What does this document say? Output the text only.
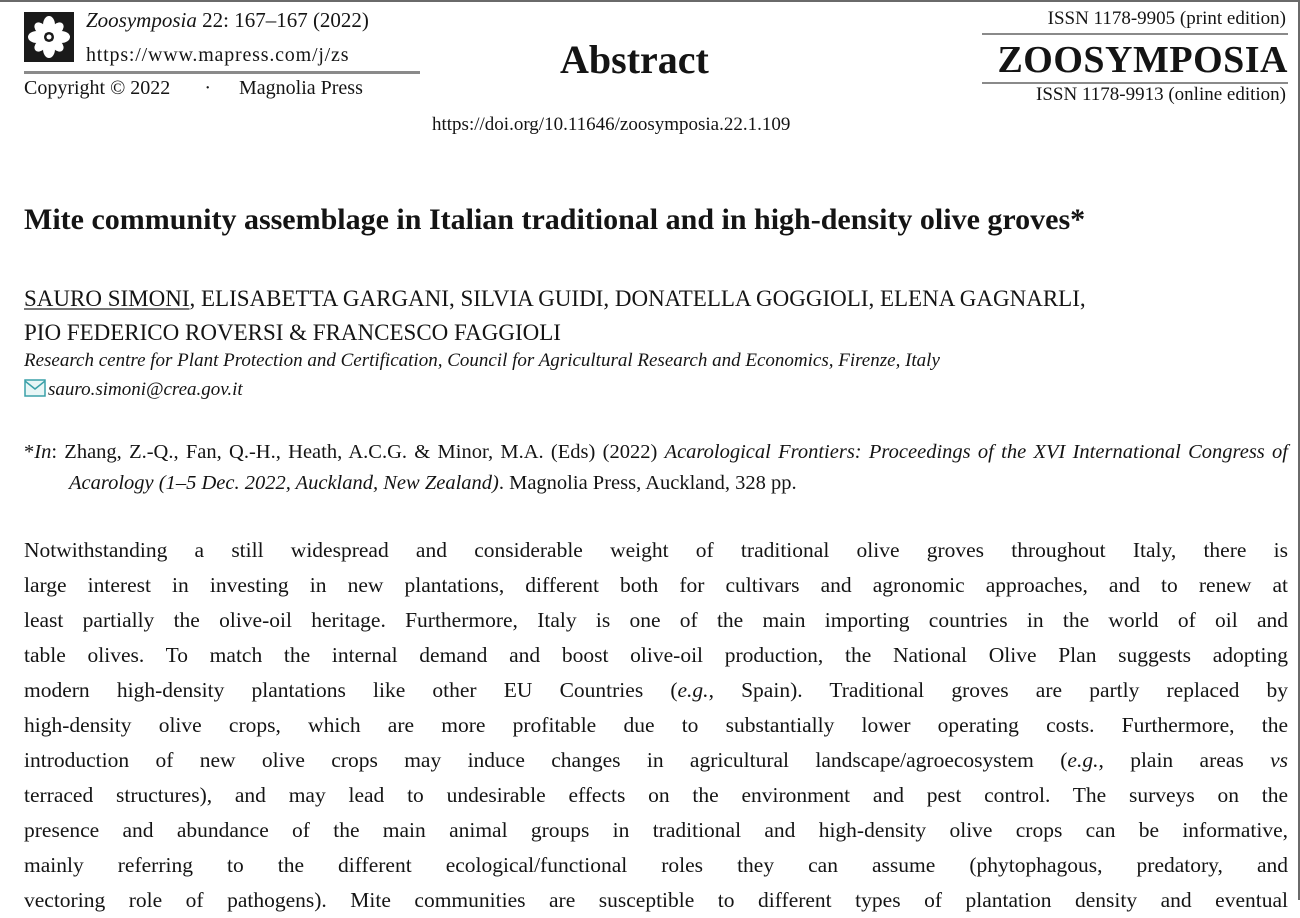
Zoosymposia 22: 167–167 (2022)
https://www.mapress.com/j/zs
Copyright © 2022 · Magnolia Press
Abstract
https://doi.org/10.11646/zoosymposia.22.1.109
ISSN 1178-9905 (print edition)
ZOOSYMPOSIA
ISSN 1178-9913 (online edition)
Mite community assemblage in Italian traditional and in high-density olive groves*
SAURO SIMONI, ELISABETTA GARGANI, SILVIA GUIDI, DONATELLA GOGGIOLI, ELENA GAGNARLI,
PIO FEDERICO ROVERSI & FRANCESCO FAGGIOLI
Research centre for Plant Protection and Certification, Council for Agricultural Research and Economics, Firenze, Italy
sauro.simoni@crea.gov.it
*In: Zhang, Z.-Q., Fan, Q.-H., Heath, A.C.G. & Minor, M.A. (Eds) (2022) Acarological Frontiers: Proceedings of the XVI International Congress of Acarology (1–5 Dec. 2022, Auckland, New Zealand). Magnolia Press, Auckland, 328 pp.
Notwithstanding a still widespread and considerable weight of traditional olive groves throughout Italy, there is
large interest in investing in new plantations, different both for cultivars and agronomic approaches, and to renew at
least partially the olive-oil heritage. Furthermore, Italy is one of the main importing countries in the world of oil and
table olives. To match the internal demand and boost olive-oil production, the National Olive Plan suggests adopting
modern high-density plantations like other EU Countries (e.g., Spain). Traditional groves are partly replaced by
high-density olive crops, which are more profitable due to substantially lower operating costs. Furthermore, the
introduction of new olive crops may induce changes in agricultural landscape/agroecosystem (e.g., plain areas vs
terraced structures), and may lead to undesirable effects on the environment and pest control. The surveys on the
presence and abundance of the main animal groups in traditional and high-density olive crops can be informative,
mainly referring to the different ecological/functional roles they can assume (phytophagous, predatory, and
vectoring role of pathogens). Mite communities are susceptible to different types of plantation density and eventual
